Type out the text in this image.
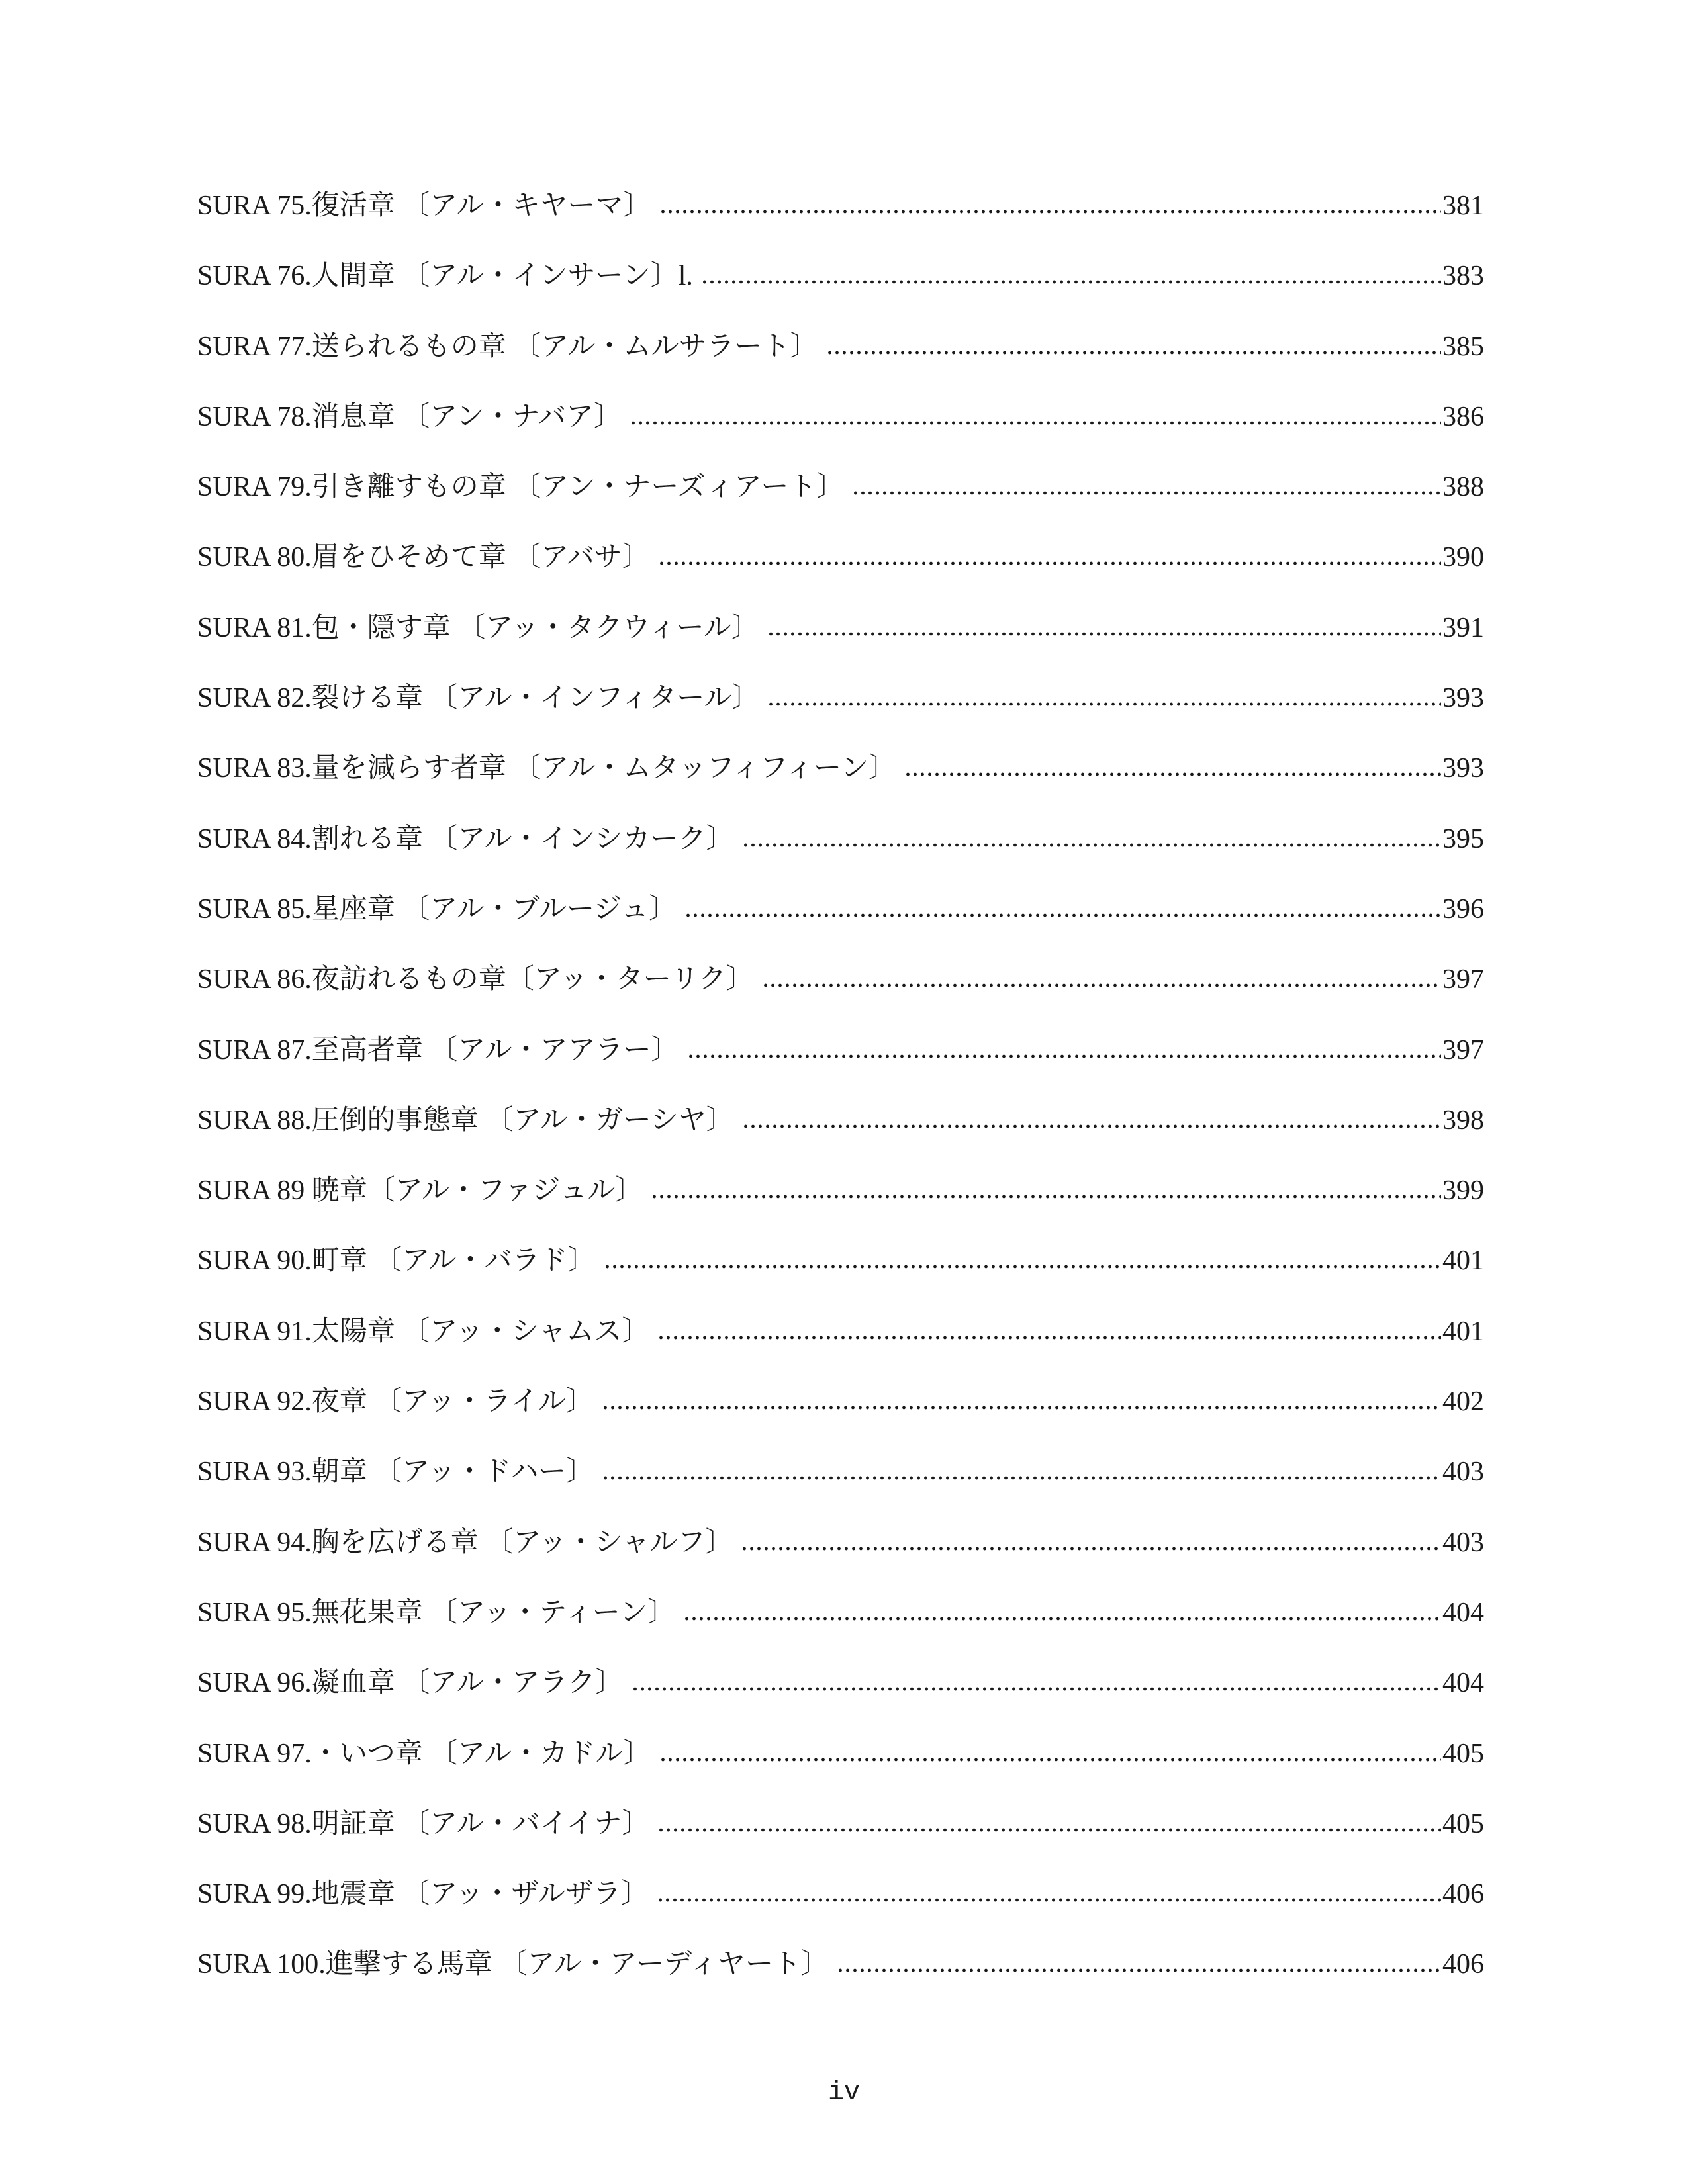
SURA 75.復活章 〔アル・キヤーマ〕	381
SURA 76.人間章 〔アル・インサーン〕l.	383
SURA 77.送られるもの章 〔アル・ムルサラート〕	385
SURA 78.消息章 〔アン・ナバア〕	386
SURA 79.引き離すもの章 〔アン・ナーズィアート〕	388
SURA 80.眉をひそめて章 〔アバサ〕	390
SURA 81.包・隠す章 〔アッ・タクウィール〕	391
SURA 82.裂ける章 〔アル・インフィタール〕	393
SURA 83.量を減らす者章 〔アル・ムタッフィフィーン〕	393
SURA 84.割れる章 〔アル・インシカーク〕	395
SURA 85.星座章 〔アル・ブルージュ〕	396
SURA 86.夜訪れるもの章〔アッ・ターリク〕	397
SURA 87.至高者章 〔アル・アアラー〕	397
SURA 88.圧倒的事態章 〔アル・ガーシヤ〕	398
SURA 89 暁章〔アル・ファジュル〕	399
SURA 90.町章 〔アル・バラド〕	401
SURA 91.太陽章 〔アッ・シャムス〕	401
SURA 92.夜章 〔アッ・ライル〕	402
SURA 93.朝章 〔アッ・ドハー〕	403
SURA 94.胸を広げる章 〔アッ・シャルフ〕	403
SURA 95.無花果章 〔アッ・ティーン〕	404
SURA 96.凝血章 〔アル・アラク〕	404
SURA 97.・いつ章 〔アル・カドル〕	405
SURA 98.明証章 〔アル・バイイナ〕	405
SURA 99.地震章 〔アッ・ザルザラ〕	406
SURA 100.進撃する馬章 〔アル・アーディヤート〕	406
iv
